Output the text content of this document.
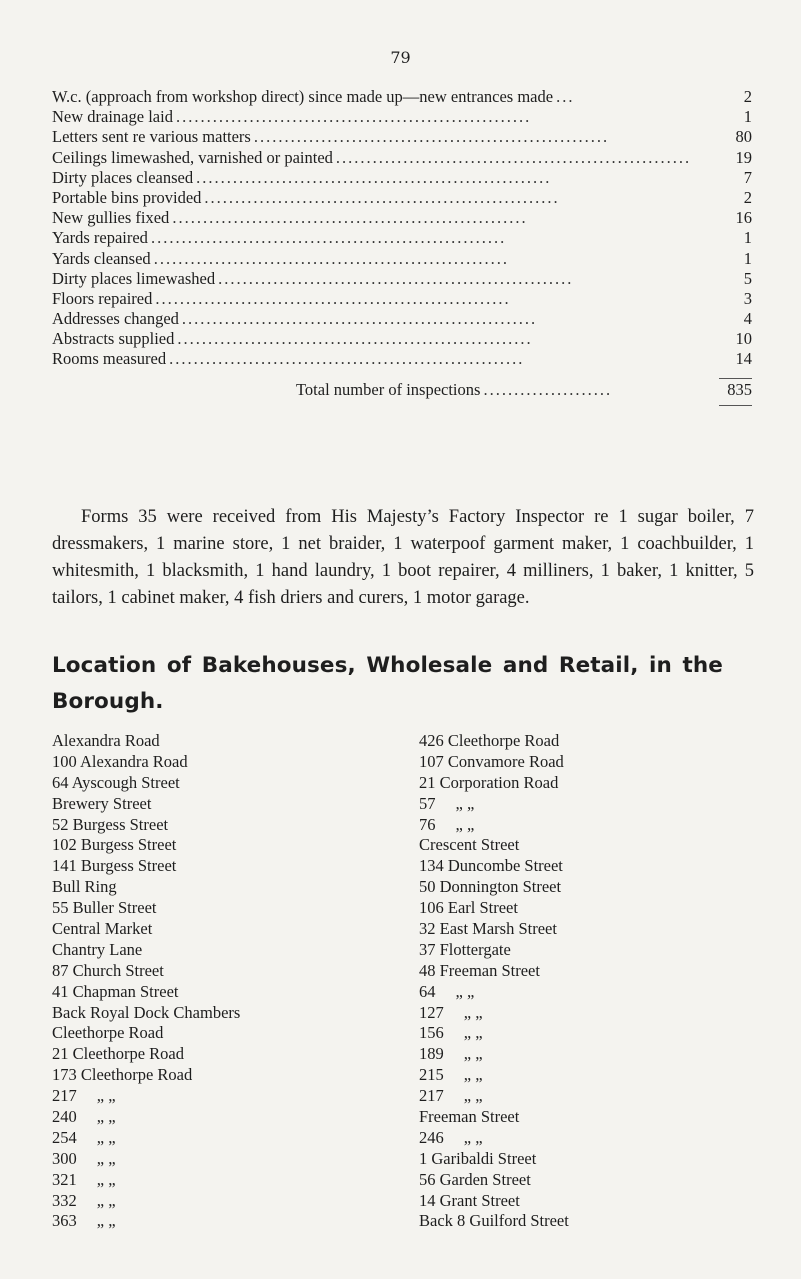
79
W.c. (approach from workshop direct) since made up—new entrances made ...	2
New drainage laid ..........................................................	1
Letters sent re various matters ..........................................................	80
Ceilings limewashed, varnished or painted ..........................................................	19
Dirty places cleansed ..........................................................	7
Portable bins provided ..........................................................	2
New gullies fixed ..........................................................	16
Yards repaired ..........................................................	1
Yards cleansed ..........................................................	1
Dirty places limewashed ..........................................................	5
Floors repaired ..........................................................	3
Addresses changed ..........................................................	4
Abstracts supplied ..........................................................	10
Rooms measured ..........................................................	14
Total number of inspections .....................	835

Forms 35 were received from His Majesty’s Factory Inspector re 1 sugar boiler, 7 dressmakers, 1 marine store, 1 net braider, 1 waterpoof garment maker, 1 coachbuilder, 1 whitesmith, 1 blacksmith, 1 hand laundry, 1 boot repairer, 4 milliners, 1 baker, 1 knitter, 5 tailors, 1 cabinet maker, 4 fish driers and curers, 1 motor garage.

Location of Bakehouses, Wholesale and Retail, in the Borough.
Alexandra Road
100 Alexandra Road
64 Ayscough Street
Brewery Street
52 Burgess Street
102 Burgess Street
141 Burgess Street
Bull Ring
55 Buller Street
Central Market
Chantry Lane
87 Church Street
41 Chapman Street
Back Royal Dock Chambers
Cleethorpe Road
21 Cleethorpe Road
173 Cleethorpe Road
217 „ „
240 „ „
254 „ „
300 „ „
321 „ „
332 „ „
363 „ „
426 Cleethorpe Road
107 Convamore Road
21 Corporation Road
57 „ „
76 „ „
Crescent Street
134 Duncombe Street
50 Donnington Street
106 Earl Street
32 East Marsh Street
37 Flottergate
48 Freeman Street
64 „ „
127 „ „
156 „ „
189 „ „
215 „ „
217 „ „
Freeman Street
246 „ „
1 Garibaldi Street
56 Garden Street
14 Grant Street
Back 8 Guilford Street
